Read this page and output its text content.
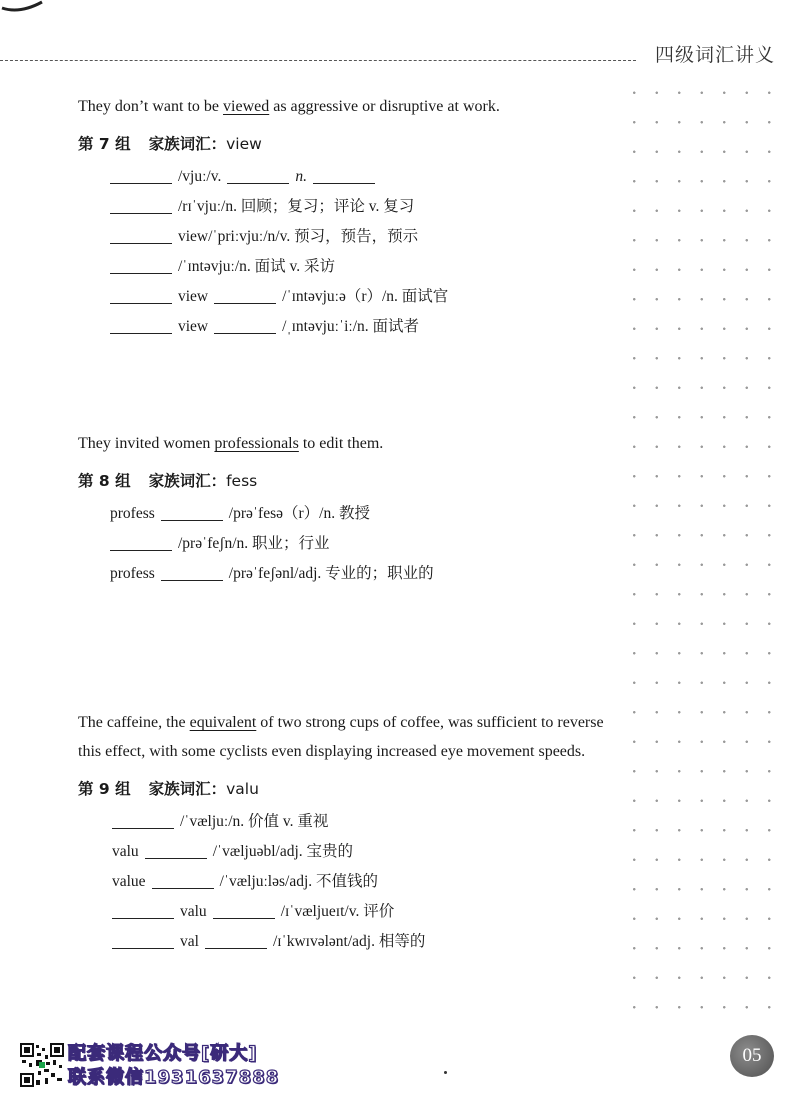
四级词汇讲义
They don’t want to be viewed as aggressive or disruptive at work.
第 7 组 家族词汇：view
/vjuː/v.	n.
/rɪˈvjuː/n. 回顾；复习；评论 v. 复习
view/ˈpriːvjuː/n/v. 预习，预告，预示
/ˈɪntəvjuː/n. 面试 v. 采访
view	/ˈɪntəvjuːə（r）/n. 面试官
view	/ˌɪntəvjuːˈiː/n. 面试者
They invited women professionals to edit them.
第 8 组 家族词汇：fess
profess	/prəˈfesə（r）/n. 教授
/prəˈfeʃn/n. 职业；行业
profess	/prəˈfeʃənl/adj. 专业的；职业的
The caffeine, the equivalent of two strong cups of coffee, was sufficient to reverse
this effect, with some cyclists even displaying increased eye movement speeds.
第 9 组 家族词汇：valu
/ˈvæljuː/n. 价值 v. 重视
valu	/ˈvæljuəbl/adj. 宝贵的
value	/ˈvæljuːləs/adj. 不值钱的
valu	/ɪˈvæljueɪt/v. 评价
val	/ɪˈkwɪvələnt/adj. 相等的
配套课程公众号[研大]
联系微信1931637888
05
